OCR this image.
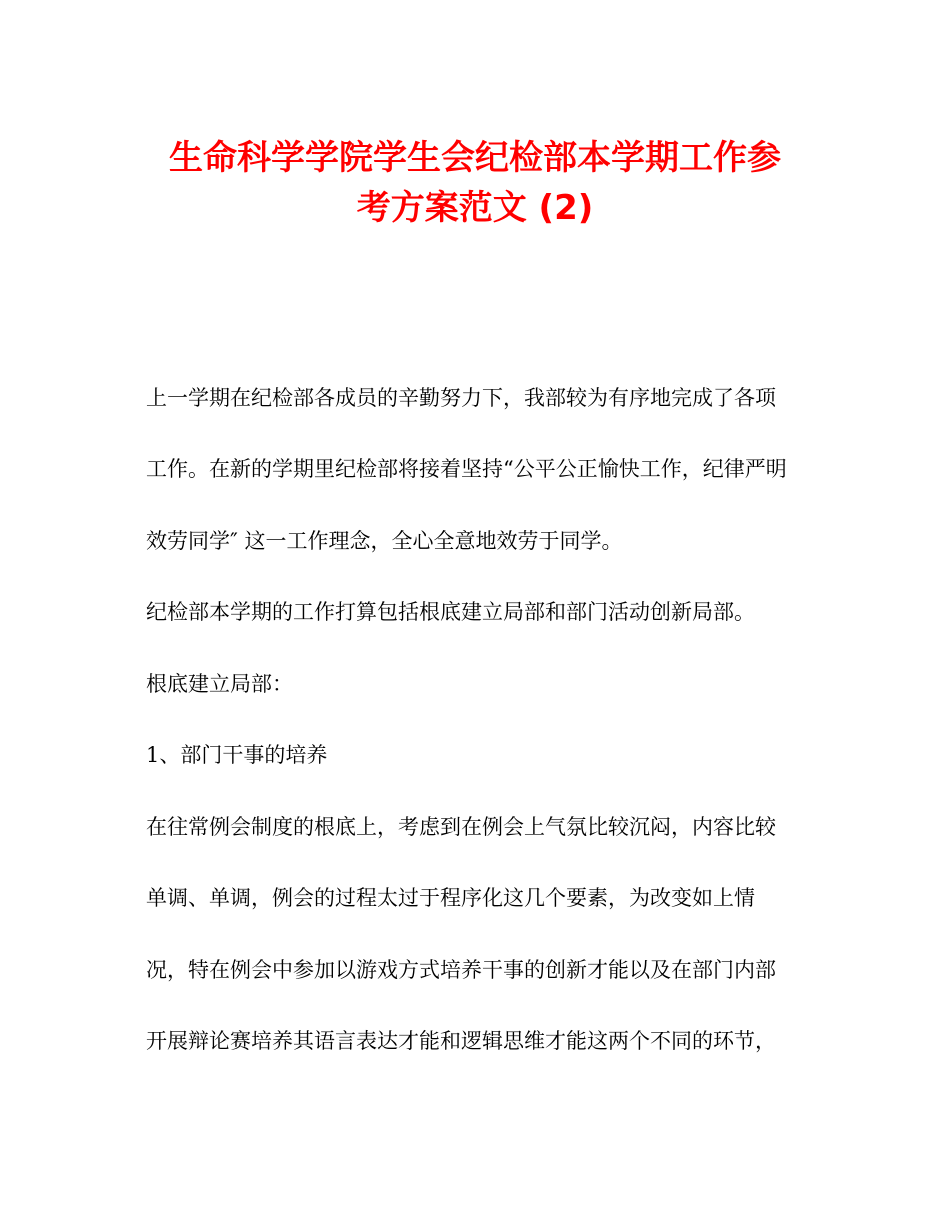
生命科学学院学生会纪检部本学期工作参
考方案范文 (2)
上一学期在纪检部各成员的辛勤努力下，我部较为有序地完成了各项
工作。在新的学期里纪检部将接着坚持“公平公正愉快工作，纪律严明
效劳同学″ 这一工作理念，全心全意地效劳于同学。
纪检部本学期的工作打算包括根底建立局部和部门活动创新局部。
根底建立局部：
1、部门干事的培养
在往常例会制度的根底上，考虑到在例会上气氛比较沉闷，内容比较
单调、单调，例会的过程太过于程序化这几个要素，为改变如上情
况，特在例会中参加以游戏方式培养干事的创新才能以及在部门内部
开展辩论赛培养其语言表达才能和逻辑思维才能这两个不同的环节，
